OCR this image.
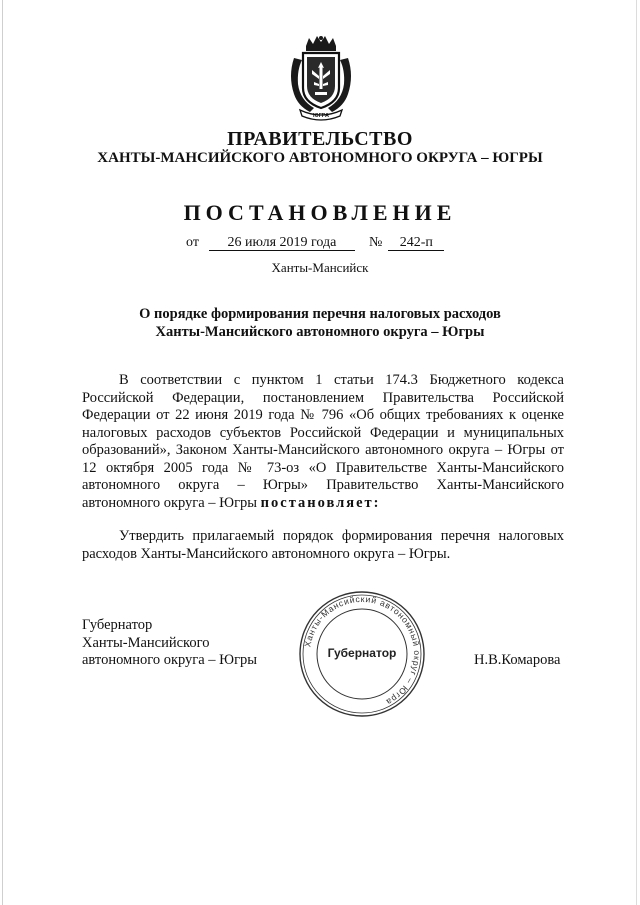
ЮГРА
ПРАВИТЕЛЬСТВО
ХАНТЫ-МАНСИЙСКОГО АВТОНОМНОГО ОКРУГА – ЮГРЫ
ПОСТАНОВЛЕНИЕ
от 26 июля 2019 года № 242-п
Ханты-Мансийск
О порядке формирования перечня налоговых расходов
Ханты-Мансийского автономного округа – Югры
В соответствии с пунктом 1 статьи 174.3 Бюджетного кодекса Российской Федерации, постановлением Правительства Российской Федерации от 22 июня 2019 года № 796 «Об общих требованиях к оценке налоговых расходов субъектов Российской Федерации и муниципальных образований», Законом Ханты-Мансийского автономного округа – Югры от 12 октября 2005 года № 73-оз «О Правительстве Ханты-Мансийского автономного округа – Югры» Правительство Ханты-Мансийского автономного округа – Югры постановляет:
Утвердить прилагаемый порядок формирования перечня налоговых расходов Ханты-Мансийского автономного округа – Югры.
Губернатор
Ханты-Мансийского
автономного округа – Югры
Ханты-Мансийский автономный округ – Югра
Губернатор	Н.В.Комарова
